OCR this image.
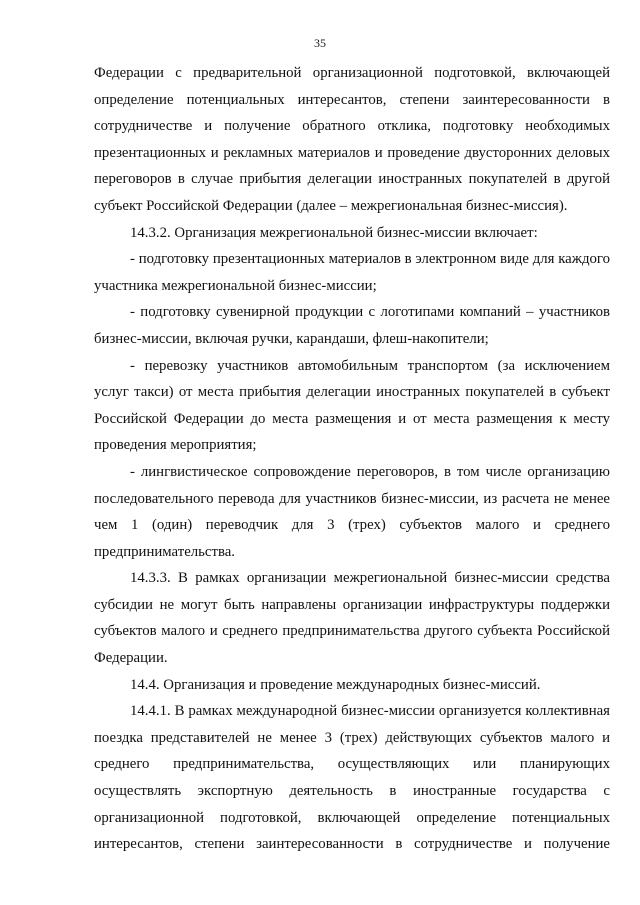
35

Федерации с предварительной организационной подготовкой, включающей определение потенциальных интересантов, степени заинтересованности в сотрудничестве и получение обратного отклика, подготовку необходимых презентационных и рекламных материалов и проведение двусторонних деловых переговоров в случае прибытия делегации иностранных покупателей в другой субъект Российской Федерации (далее – межрегиональная бизнес-миссия).

14.3.2. Организация межрегиональной бизнес-миссии включает:

- подготовку презентационных материалов в электронном виде для каждого участника межрегиональной бизнес-миссии;

- подготовку сувенирной продукции с логотипами компаний – участников бизнес-миссии, включая ручки, карандаши, флеш-накопители;

- перевозку участников автомобильным транспортом (за исключением услуг такси) от места прибытия делегации иностранных покупателей в субъект Российской Федерации до места размещения и от места размещения к месту проведения мероприятия;

- лингвистическое сопровождение переговоров, в том числе организацию последовательного перевода для участников бизнес-миссии, из расчета не менее чем 1 (один) переводчик для 3 (трех) субъектов малого и среднего предпринимательства.

14.3.3. В рамках организации межрегиональной бизнес-миссии средства субсидии не могут быть направлены организации инфраструктуры поддержки субъектов малого и среднего предпринимательства другого субъекта Российской Федерации.

14.4. Организация и проведение международных бизнес-миссий.

14.4.1. В рамках международной бизнес-миссии организуется коллективная поездка представителей не менее 3 (трех) действующих субъектов малого и среднего предпринимательства, осуществляющих или планирующих осуществлять экспортную деятельность в иностранные государства с организационной подготовкой, включающей определение потенциальных интересантов, степени заинтересованности в сотрудничестве и получение
